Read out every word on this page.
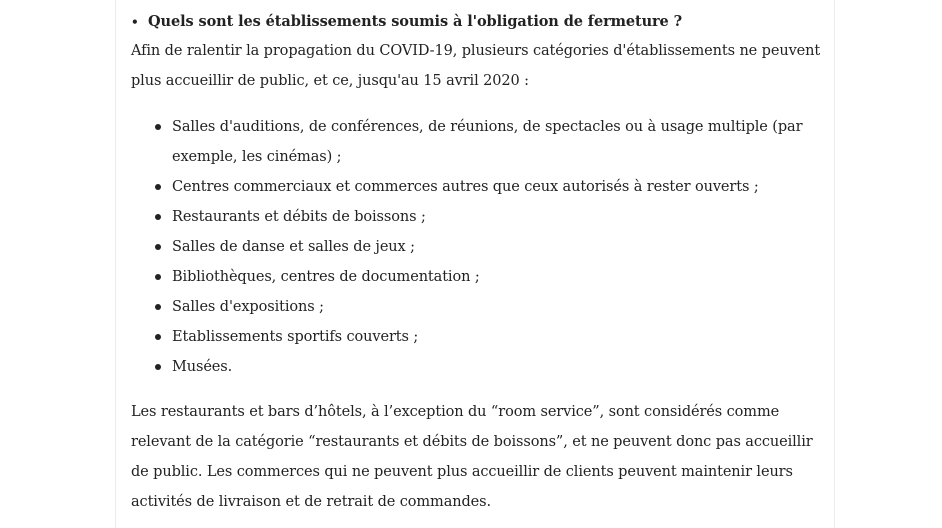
• Quels sont les établissements soumis à l'obligation de fermeture ?

Afin de ralentir la propagation du COVID-19, plusieurs catégories d'établissements ne peuvent plus accueillir de public, et ce, jusqu'au 15 avril 2020 :

Salles d'auditions, de conférences, de réunions, de spectacles ou à usage multiple (par exemple, les cinémas) ;
Centres commerciaux et commerces autres que ceux autorisés à rester ouverts ;
Restaurants et débits de boissons ;
Salles de danse et salles de jeux ;
Bibliothèques, centres de documentation ;
Salles d'expositions ;
Etablissements sportifs couverts ;
Musées.

Les restaurants et bars d’hôtels, à l’exception du “room service”, sont considérés comme relevant de la catégorie “restaurants et débits de boissons”, et ne peuvent donc pas accueillir de public. Les commerces qui ne peuvent plus accueillir de clients peuvent maintenir leurs activités de livraison et de retrait de commandes.
